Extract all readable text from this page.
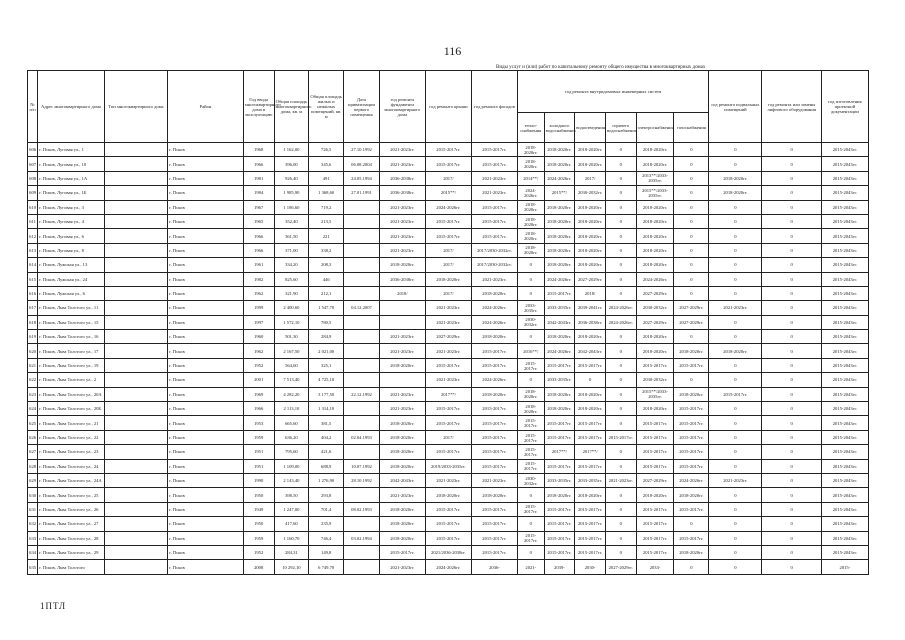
116
Виды услуг и (или) работ по капитальному ремонту общего имущества в многоквартирных домах
№ п/п	Адрес многоквартирного дома	Тип многоквартирного дома	Район	Год ввода многоквартирного дома в эксплуатацию	Общая площадь многоквартирного дома, кв. м	Общая площадь жилых и нежилых помещений, кв. м	Дата приватизации первого помещения	год ремонта фундамента многоквартирного дома	год ремонта крыши	год ремонта фасадов	год ремонта внутридомовых инженерных систем						год ремонта подвальных помещений	год ремонта или замены лифтового оборудования	год изготовления проектной документации
											тепло-снабжения	холодного водоснабжения	водоотведения	горячего водоснабжения	электроснабжения	газоснабжения			
606	г. Псков, Луговая ул., 1		г. Псков	1968	1 162,00	726,5	27.10.1992	2021-2023гг.	2015-2017гг.	2015-2017гг.	2018-2020гг.	2018-2020гг.	2018-2020гг.	0	2018-2020гг.	0	0	0	2015-2043гг.
607	г. Псков, Луговая ул., 10		г. Псков	1966	396,00	345,6	06.08.2004	2021-2023гг.	2015-2017гг.	2015-2017гг.	2018-2020гг.	2018-2020гг.	2018-2020гг.	0	2018-2020гг.	0	0	0	2015-2043гг.
608	г. Псков, Луговая ул., 1А		г. Псков	1981	926,40	491	24.05.1994	2036-2038гг.	2017/	2021-2023гг.	2014**/	2024-2026гг.	2017/	0	2013**/2033-2035гг.	0	2018-2020гг.	0	2015-2043гг.
609	г. Псков, Луговая ул., 1Б		г. Псков	1984	1 985,90	1 368,60	27.01.1991	2036-2038гг.	2015**/	2021-2023гг.	2024-2026гг.	2015**/	2030-2032гг.	0	2015**/2033-2035гг.	0	2018-2020гг.	0	2015-2043гг.
610	г. Псков, Луговая ул., 3		г. Псков	1967	1 186,60	719,2		2021-2023гг.	2024-2026гг.	2015-2017гг.	2018-2020гг.	2018-2020гг.	2018-2020гг.	0	2018-2020гг.	0	0	0	2015-2043гг.
611	г. Псков, Луговая ул., 4		г. Псков	1965	352,40	213,5		2021-2023гг.	2015-2017гг.	2015-2017гг.	2018-2020гг.	2018-2020гг.	2018-2020гг.	0	2018-2020гг.	0	0	0	2015-2043гг.
612	г. Псков, Луговая ул., 6		г. Псков	1966	361,50	221		2021-2023гг.	2015-2017гг.	2015-2017гг.	2018-2020гг.	2018-2020гг.	2018-2020гг.	0	2018-2020гг.	0	0	0	2015-2043гг.
613	г. Псков, Луговая ул., 8		г. Псков	1966	371,00	338,2		2021-2023гг.	2017/	2017/2030-2032гг.	2018-2020гг.	2018-2020гг.	2018-2020гг.	0	2018-2020гг.	0	0	0	2015-2043гг.
614	г. Псков, Лужская ул., 13		г. Псков	1961	334,20	208,3		2018-2020гг.	2017/	2017/2030-2032гг.	0	2018-2020гг.	2018-2020гг.	0	2018-2020гг.	0	0	0	2015-2043гг.
615	г. Псков, Лужская ул., 24		г. Псков	1982	825,60	446		2036-2038гг.	2018-2020гг.	2021-2023гг.	0	2024-2026гг.	2027-2029гг.	0	2024-2026гг.	0	0	0	2015-2043гг.
616	г. Псков, Лужская ул., 6		г. Псков	1962	321,90	212,1		2018/	2017/	2018-2020гг.	0	2015-2017гг.	2018/	0	2027-2029гг.	0	0	0	2015-2043гг.
617	г. Псков, Льва Толстого ул., 11		г. Псков	1999	2 400,60	1 547,70	04.12.2007		2021-2023гг.	2024-2026гг.	2033-2035гг.	2033-2035гг.	2039-2041гг.	2024-2026гг.	2030-2032гг.	2027-2029гг.	2021-2023гг.	0	2015-2043гг.
618	г. Псков, Льва Толстого ул., 15		г. Псков	1997	1 572,10	780,5			2021-2023гг.	2024-2026гг.	2030-2032гг.	2042-2043гг.	2036-2038гг.	2024-2026гг.	2027-2029гг.	2027-2029гг.	0	0	2015-2043гг.
619	г. Псков, Льва Толстого ул., 16		г. Псков	1960	501,30	284,9		2021-2023гг.	2027-2029гг.	2018-2020гг.	0	2018-2020гг.	2018-2020гг.	0	2018-2020гг.	0	0	0	2015-2043гг.
620	г. Псков, Льва Толстого ул., 17		г. Псков	1962	2 167,50	2 021,00		2021-2023гг.	2021-2023гг.	2015-2017гг.	2016**/	2024-2026гг.	2042-2043гг.	0	2018-2020гг.	2018-2020гг.	2018-2020гг.	0	2015-2043гг.
621	г. Псков, Льва Толстого ул., 19		г. Псков	1952	564,60	325,1		2018-2020гг.	2015-2017гг.	2015-2017гг.	2015-2017гг.	2015-2017гг.	2015-2017гг.	0	2015-2017гг.	2015-2017гг.	0	0	2015-2043гг.
622	г. Псков, Льва Толстого ул., 2		г. Псков	2001	7 513,40	4 725,10			2021-2023гг.	2024-2026гг.	0	2033-2035гг.	0	0	2030-2032гг.	0	0	0	2015-2043гг.
623	г. Псков, Льва Толстого ул., 20А		г. Псков	1969	4 282,20	3 177,50	22.12.1992	2021-2023гг.	2017**/	2018-2020гг.	2018-2020гг.	2018-2020гг.	2018-2020гг.	0	2015**/2033-2035гг.	2018-2020гг.	2015-2017гг.	0	2015-2043гг.
624	г. Псков, Льва Толстого ул., 20Б		г. Псков	1966	2 113,10	1 314,10		2021-2023гг.	2015-2017гг.	2015-2017гг.	2018-2020гг.	2018-2020гг.	2018-2020гг.	0	2018-2020гг.	2015-2017гг.	0	0	2015-2043гг.
625	г. Псков, Льва Толстого ул., 21		г. Псков	1953	665,60	381,5		2018-2020гг.	2015-2017гг.	2015-2017гг.	2015-2017гг.	2015-2017гг.	2015-2017гг.	0	2015-2017гг.	2015-2017гг.	0	0	2015-2043гг.
626	г. Псков, Льва Толстого ул., 22		г. Псков	1959	636,20	404,2	02.04.1993	2018-2020гг.	2017/	2015-2017гг.	2015-2017гг.	2015-2017гг.	2015-2017гг.	2015-2017гг.	2015-2017гг.	2015-2017гг.	0	0	2015-2043гг.
627	г. Псков, Льва Толстого ул., 23		г. Псков	1951	795,60	421,6		2018-2020гг.	2015-2017гг.	2015-2017гг.	2015-2017гг.	2017**/	2017**/	0	2015-2017гг.	2015-2017гг.	0	0	2015-2043гг.
628	г. Псков, Льва Толстого ул., 24		г. Псков	1951	1 109,00	688,9	10.07.1992	2018-2020гг.	2019/2033-2035гг.	2015-2017гг.	2015-2017гг.	2015-2017гг.	2015-2017гг.	0	2015-2017гг.	2015-2017гг.	0	0	2015-2043гг.
629	г. Псков, Льва Толстого ул., 24А		г. Псков	1990	2 143,40	1 276,90	28.10.1992	2042-2043гг.	2021-2023гг.	2021-2023гг.	2030-2032гг.	2033-2035гг.	2033-2035гг.	2021-2023гг.	2027-2029гг.	2024-2026гг.	2021-2023гг.	0	2015-2043гг.
630	г. Псков, Льва Толстого ул., 25		г. Псков	1950	398,50	293,8		2021-2023гг.	2018-2020гг.	2018-2020гг.	0	2018-2020гг.	2018-2020гг.	0	2018-2020гг.	2018-2020гг.	0	0	2015-2043гг.
631	г. Псков, Льва Толстого ул., 26		г. Псков	1949	1 247,00	701,4	08.02.1993	2018-2020гг.	2015-2017гг.	2015-2017гг.	2015-2017гг.	2015-2017гг.	2015-2017гг.	0	2015-2017гг.	2015-2017гг.	0	0	2015-2043гг.
632	г. Псков, Льва Толстого ул., 27		г. Псков	1950	417,60	235,9		2018-2020гг.	2015-2017гг.	2015-2017гг.	0	2015-2017гг.	2015-2017гг.	0	2015-2017гг.	0	0	0	2015-2043гг.
633	г. Псков, Льва Толстого ул., 28		г. Псков	1959	1 160,70	746,4	03.02.1994	2018-2020гг.	2015-2017гг.	2015-2017гг.	2015-2017гг.	2015-2017гг.	2015-2017гг.	0	2015-2017гг.	2015-2017гг.	0	0	2015-2043гг.
634	г. Псков, Льва Толстого ул., 29		г. Псков	1952	284,31	149,8		2015-2017гг.	2021/2036-2038гг.	2015-2017гг.	0	2015-2017гг.	2015-2017гг.	0	2015-2017гг.	2018-2020гг.	0	0	2015-2043гг.
635	г. Псков, Льва Толстого		г. Псков	2008	10 292,10	6 749,70		2021-2023гг.	2024-2026гг.	2036-	2021-	2039-	2030-	2027-2029гг.	2033-	0	0	0	2015-
1ПТЛ
